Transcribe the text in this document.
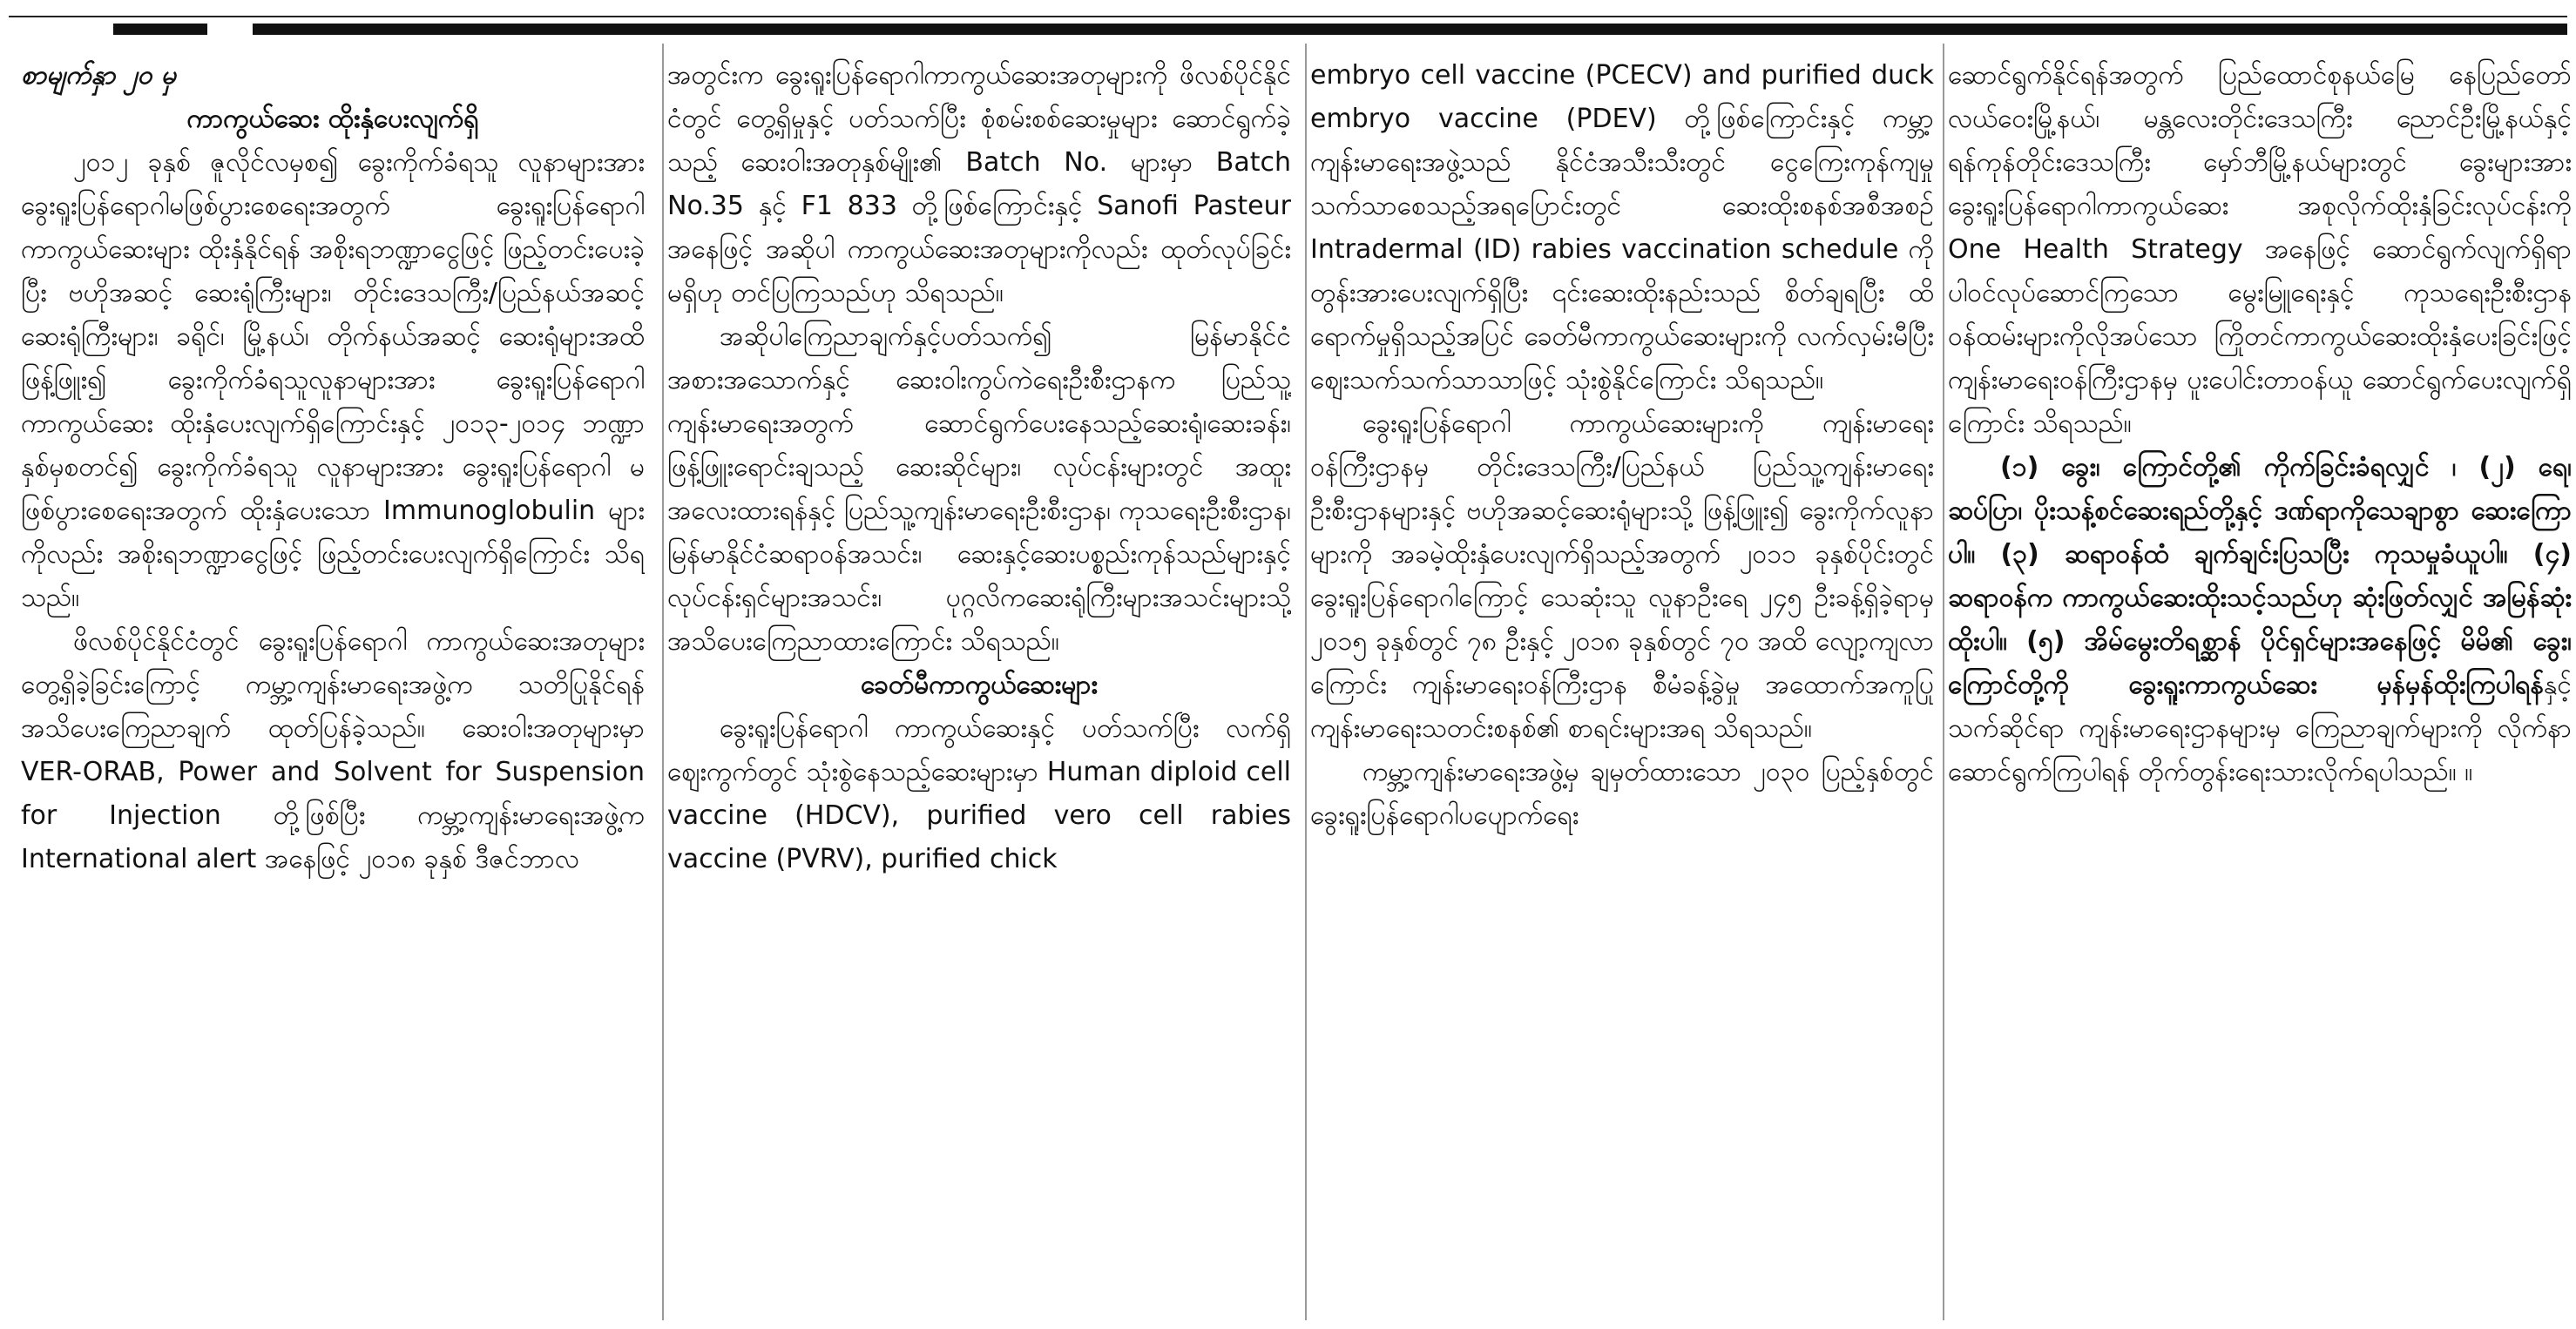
စာမျက်နှာ ၂၀ မှ

ကာကွယ်ဆေး ထိုးနှံပေးလျက်ရှိ

၂၀၁၂ ခုနှစ် ဇူလိုင်လမှစ၍ ခွေးကိုက်ခံရသူ လူနာများအား ခွေးရူးပြန်ရောဂါမဖြစ်ပွားစေရေးအတွက် ခွေးရူးပြန်ရောဂါ ကာကွယ်ဆေးများ ထိုးနှံနိုင်ရန် အစိုးရဘဏ္ဍာငွေဖြင့် ဖြည့်တင်းပေးခဲ့ပြီး ဗဟိုအဆင့် ဆေးရုံကြီးများ၊ တိုင်းဒေသကြီး/ပြည်နယ်အဆင့်ဆေးရုံကြီးများ၊ ခရိုင်၊ မြို့နယ်၊ တိုက်နယ်အဆင့် ဆေးရုံများအထိ ဖြန့်ဖြူး၍ ခွေးကိုက်ခံရသူလူနာများအား ခွေးရူးပြန်ရောဂါ ကာကွယ်ဆေး ထိုးနှံပေးလျက်ရှိကြောင်းနှင့် ၂၀၁၃-၂၀၁၄ ဘဏ္ဍာနှစ်မှစတင်၍ ခွေးကိုက်ခံရသူ လူနာများအား ခွေးရူးပြန်ရောဂါ မဖြစ်ပွားစေရေးအတွက် ထိုးနှံပေးသော Immunoglobulin များကိုလည်း အစိုးရဘဏ္ဍာငွေဖြင့် ဖြည့်တင်းပေးလျက်ရှိကြောင်း သိရသည်။

ဖိလစ်ပိုင်နိုင်ငံတွင် ခွေးရူးပြန်ရောဂါ ကာကွယ်ဆေးအတုများ တွေ့ရှိခဲ့ခြင်းကြောင့် ကမ္ဘာ့ကျန်းမာရေးအဖွဲ့က သတိပြုနိုင်ရန် အသိပေးကြေညာချက် ထုတ်ပြန်ခဲ့သည်။ ဆေးဝါးအတုများမှာ VER-ORAB, Power and Solvent for Suspension for Injection တို့ဖြစ်ပြီး ကမ္ဘာ့ကျန်းမာရေးအဖွဲ့က International alert အနေဖြင့် ၂၀၁၈ ခုနှစ် ဒီဇင်ဘာလ

အတွင်းက ခွေးရူးပြန်ရောဂါကာကွယ်ဆေးအတုများကို ဖိလစ်ပိုင်နိုင်ငံတွင် တွေ့ရှိမှုနှင့် ပတ်သက်ပြီး စုံစမ်းစစ်ဆေးမှုများ ဆောင်ရွက်ခဲ့သည့် ဆေးဝါးအတုနှစ်မျိုး၏ Batch No. များမှာ Batch No.35 နှင့် F1 833 တို့ဖြစ်ကြောင်းနှင့် Sanofi Pasteur အနေဖြင့် အဆိုပါ ကာကွယ်ဆေးအတုများကိုလည်း ထုတ်လုပ်ခြင်းမရှိဟု တင်ပြကြသည်ဟု သိရသည်။

အဆိုပါကြေညာချက်နှင့်ပတ်သက်၍ မြန်မာနိုင်ငံ အစားအသောက်နှင့် ဆေးဝါးကွပ်ကဲရေးဦးစီးဌာနက ပြည်သူ့ကျန်းမာရေးအတွက် ဆောင်ရွက်ပေးနေသည့်ဆေးရုံ၊ဆေးခန်း၊ဖြန့်ဖြူးရောင်းချသည့် ဆေးဆိုင်များ၊ လုပ်ငန်းများတွင် အထူးအလေးထားရန်နှင့် ပြည်သူ့ကျန်းမာရေးဦးစီးဌာန၊ ကုသရေးဦးစီးဌာန၊ မြန်မာနိုင်ငံဆရာဝန်အသင်း၊ ဆေးနှင့်ဆေးပစ္စည်းကုန်သည်များနှင့် လုပ်ငန်းရှင်များအသင်း၊ ပုဂ္ဂလိကဆေးရုံကြီးများအသင်းများသို့ အသိပေးကြေညာထားကြောင်း သိရသည်။

ခေတ်မီကာကွယ်ဆေးများ

ခွေးရူးပြန်ရောဂါ ကာကွယ်ဆေးနှင့် ပတ်သက်ပြီး လက်ရှိဈေးကွက်တွင် သုံးစွဲနေသည့်ဆေးများမှာ Human diploid cell vaccine (HDCV), purified vero cell rabies vaccine (PVRV), purified chick

embryo cell vaccine (PCECV) and purified duck embryo vaccine (PDEV) တို့ဖြစ်ကြောင်းနှင့် ကမ္ဘာ့ကျန်းမာရေးအဖွဲ့သည် နိုင်ငံအသီးသီးတွင် ငွေကြေးကုန်ကျမှုသက်သာစေသည့်အရပြောင်းတွင် ဆေးထိုးစနစ်အစီအစဉ် Intradermal (ID) rabies vaccination schedule ကိုတွန်းအားပေးလျက်ရှိပြီး ၎င်းဆေးထိုးနည်းသည် စိတ်ချရပြီး ထိရောက်မှုရှိသည့်အပြင် ခေတ်မီကာကွယ်ဆေးများကို လက်လှမ်းမီပြီး ဈေးသက်သက်သာသာဖြင့် သုံးစွဲနိုင်ကြောင်း သိရသည်။

ခွေးရူးပြန်ရောဂါ ကာကွယ်ဆေးများကို ကျန်းမာရေးဝန်ကြီးဌာနမှ တိုင်းဒေသကြီး/ပြည်နယ် ပြည်သူ့ကျန်းမာရေးဦးစီးဌာနများနှင့် ဗဟိုအဆင့်ဆေးရုံများသို့ ဖြန့်ဖြူး၍ ခွေးကိုက်လူနာများကို အခမဲ့ထိုးနှံပေးလျက်ရှိသည့်အတွက် ၂၀၁၁ ခုနှစ်ပိုင်းတွင် ခွေးရူးပြန်ရောဂါကြောင့် သေဆုံးသူ လူနာဦးရေ ၂၄၅ ဦးခန့်ရှိခဲ့ရာမှ ၂၀၁၅ ခုနှစ်တွင် ၇၈ ဦးနှင့် ၂၀၁၈ ခုနှစ်တွင် ၇၀ အထိ လျော့ကျလာကြောင်း ကျန်းမာရေးဝန်ကြီးဌာန စီမံခန့်ခွဲမှု အထောက်အကူပြု ကျန်းမာရေးသတင်းစနစ်၏ စာရင်းများအရ သိရသည်။

ကမ္ဘာ့ကျန်းမာရေးအဖွဲ့မှ ချမှတ်ထားသော ၂၀၃၀ ပြည့်နှစ်တွင် ခွေးရူးပြန်ရောဂါပပျောက်ရေး

ဆောင်ရွက်နိုင်ရန်အတွက် ပြည်ထောင်စုနယ်မြေ နေပြည်တော် လယ်ဝေးမြို့နယ်၊ မန္တလေးတိုင်းဒေသကြီး ညောင်ဦးမြို့နယ်နှင့် ရန်ကုန်တိုင်းဒေသကြီး မှော်ဘီမြို့နယ်များတွင် ခွေးများအား ခွေးရူးပြန်ရောဂါကာကွယ်ဆေး အစုလိုက်ထိုးနှံခြင်းလုပ်ငန်းကို One Health Strategy အနေဖြင့် ဆောင်ရွက်လျက်ရှိရာ ပါဝင်လုပ်ဆောင်ကြသော မွေးမြူရေးနှင့် ကုသရေးဦးစီးဌာန ဝန်ထမ်းများကိုလိုအပ်သော ကြိုတင်ကာကွယ်ဆေးထိုးနှံပေးခြင်းဖြင့် ကျန်းမာရေးဝန်ကြီးဌာနမှ ပူးပေါင်းတာဝန်ယူ ဆောင်ရွက်ပေးလျက်ရှိကြောင်း သိရသည်။

(၁) ခွေး၊ ကြောင်တို့၏ ကိုက်ခြင်းခံရလျှင် ၊ (၂) ရေ၊ ဆပ်ပြာ၊ ပိုးသန့်စင်ဆေးရည်တို့နှင့် ဒဏ်ရာကိုသေချာစွာ ဆေးကြောပါ။ (၃) ဆရာဝန်ထံ ချက်ချင်းပြသပြီး ကုသမှုခံယူပါ။ (၄) ဆရာဝန်က ကာကွယ်ဆေးထိုးသင့်သည်ဟု ဆုံးဖြတ်လျှင် အမြန်ဆုံးထိုးပါ။ (၅) အိမ်မွေးတိရစ္ဆာန် ပိုင်ရှင်များအနေဖြင့် မိမိ၏ ခွေး၊ ကြောင်တို့ကို ခွေးရူးကာကွယ်ဆေး မှန်မှန်ထိုးကြပါရန်နှင့် သက်ဆိုင်ရာ ကျန်းမာရေးဌာနများမှ ကြေညာချက်များကို လိုက်နာဆောင်ရွက်ကြပါရန် တိုက်တွန်းရေးသားလိုက်ရပါသည်။ ။
